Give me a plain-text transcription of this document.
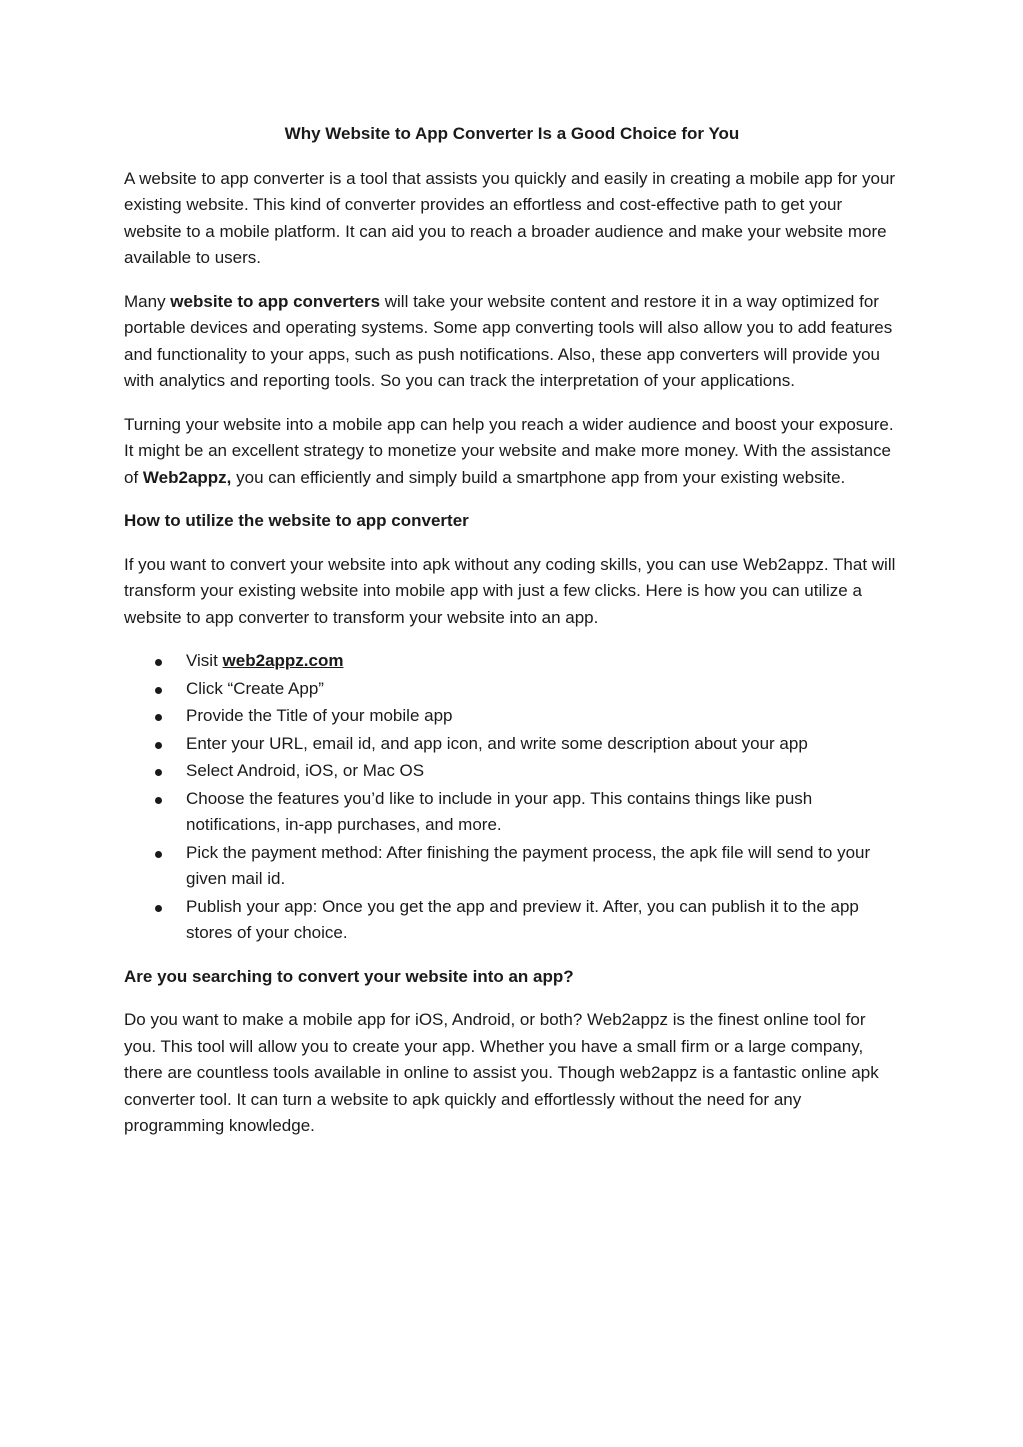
Why Website to App Converter Is a Good Choice for You

A website to app converter is a tool that assists you quickly and easily in creating a mobile app for your existing website. This kind of converter provides an effortless and cost-effective path to get your website to a mobile platform. It can aid you to reach a broader audience and make your website more available to users.

Many website to app converters will take your website content and restore it in a way optimized for portable devices and operating systems. Some app converting tools will also allow you to add features and functionality to your apps, such as push notifications. Also, these app converters will provide you with analytics and reporting tools. So you can track the interpretation of your applications.

Turning your website into a mobile app can help you reach a wider audience and boost your exposure. It might be an excellent strategy to monetize your website and make more money. With the assistance of Web2appz, you can efficiently and simply build a smartphone app from your existing website.

How to utilize the website to app converter

If you want to convert your website into apk without any coding skills, you can use Web2appz. That will transform your existing website into mobile app with just a few clicks. Here is how you can utilize a website to app converter to transform your website into an app.

Visit web2appz.com
Click “Create App”
Provide the Title of your mobile app
Enter your URL, email id, and app icon, and write some description about your app
Select Android, iOS, or Mac OS
Choose the features you’d like to include in your app. This contains things like push notifications, in-app purchases, and more.
Pick the payment method: After finishing the payment process, the apk file will send to your given mail id.
Publish your app: Once you get the app and preview it. After, you can publish it to the app stores of your choice.

Are you searching to convert your website into an app?

Do you want to make a mobile app for iOS, Android, or both? Web2appz is the finest online tool for you. This tool will allow you to create your app. Whether you have a small firm or a large company, there are countless tools available in online to assist you. Though web2appz is a fantastic online apk converter tool. It can turn a website to apk quickly and effortlessly without the need for any programming knowledge.
